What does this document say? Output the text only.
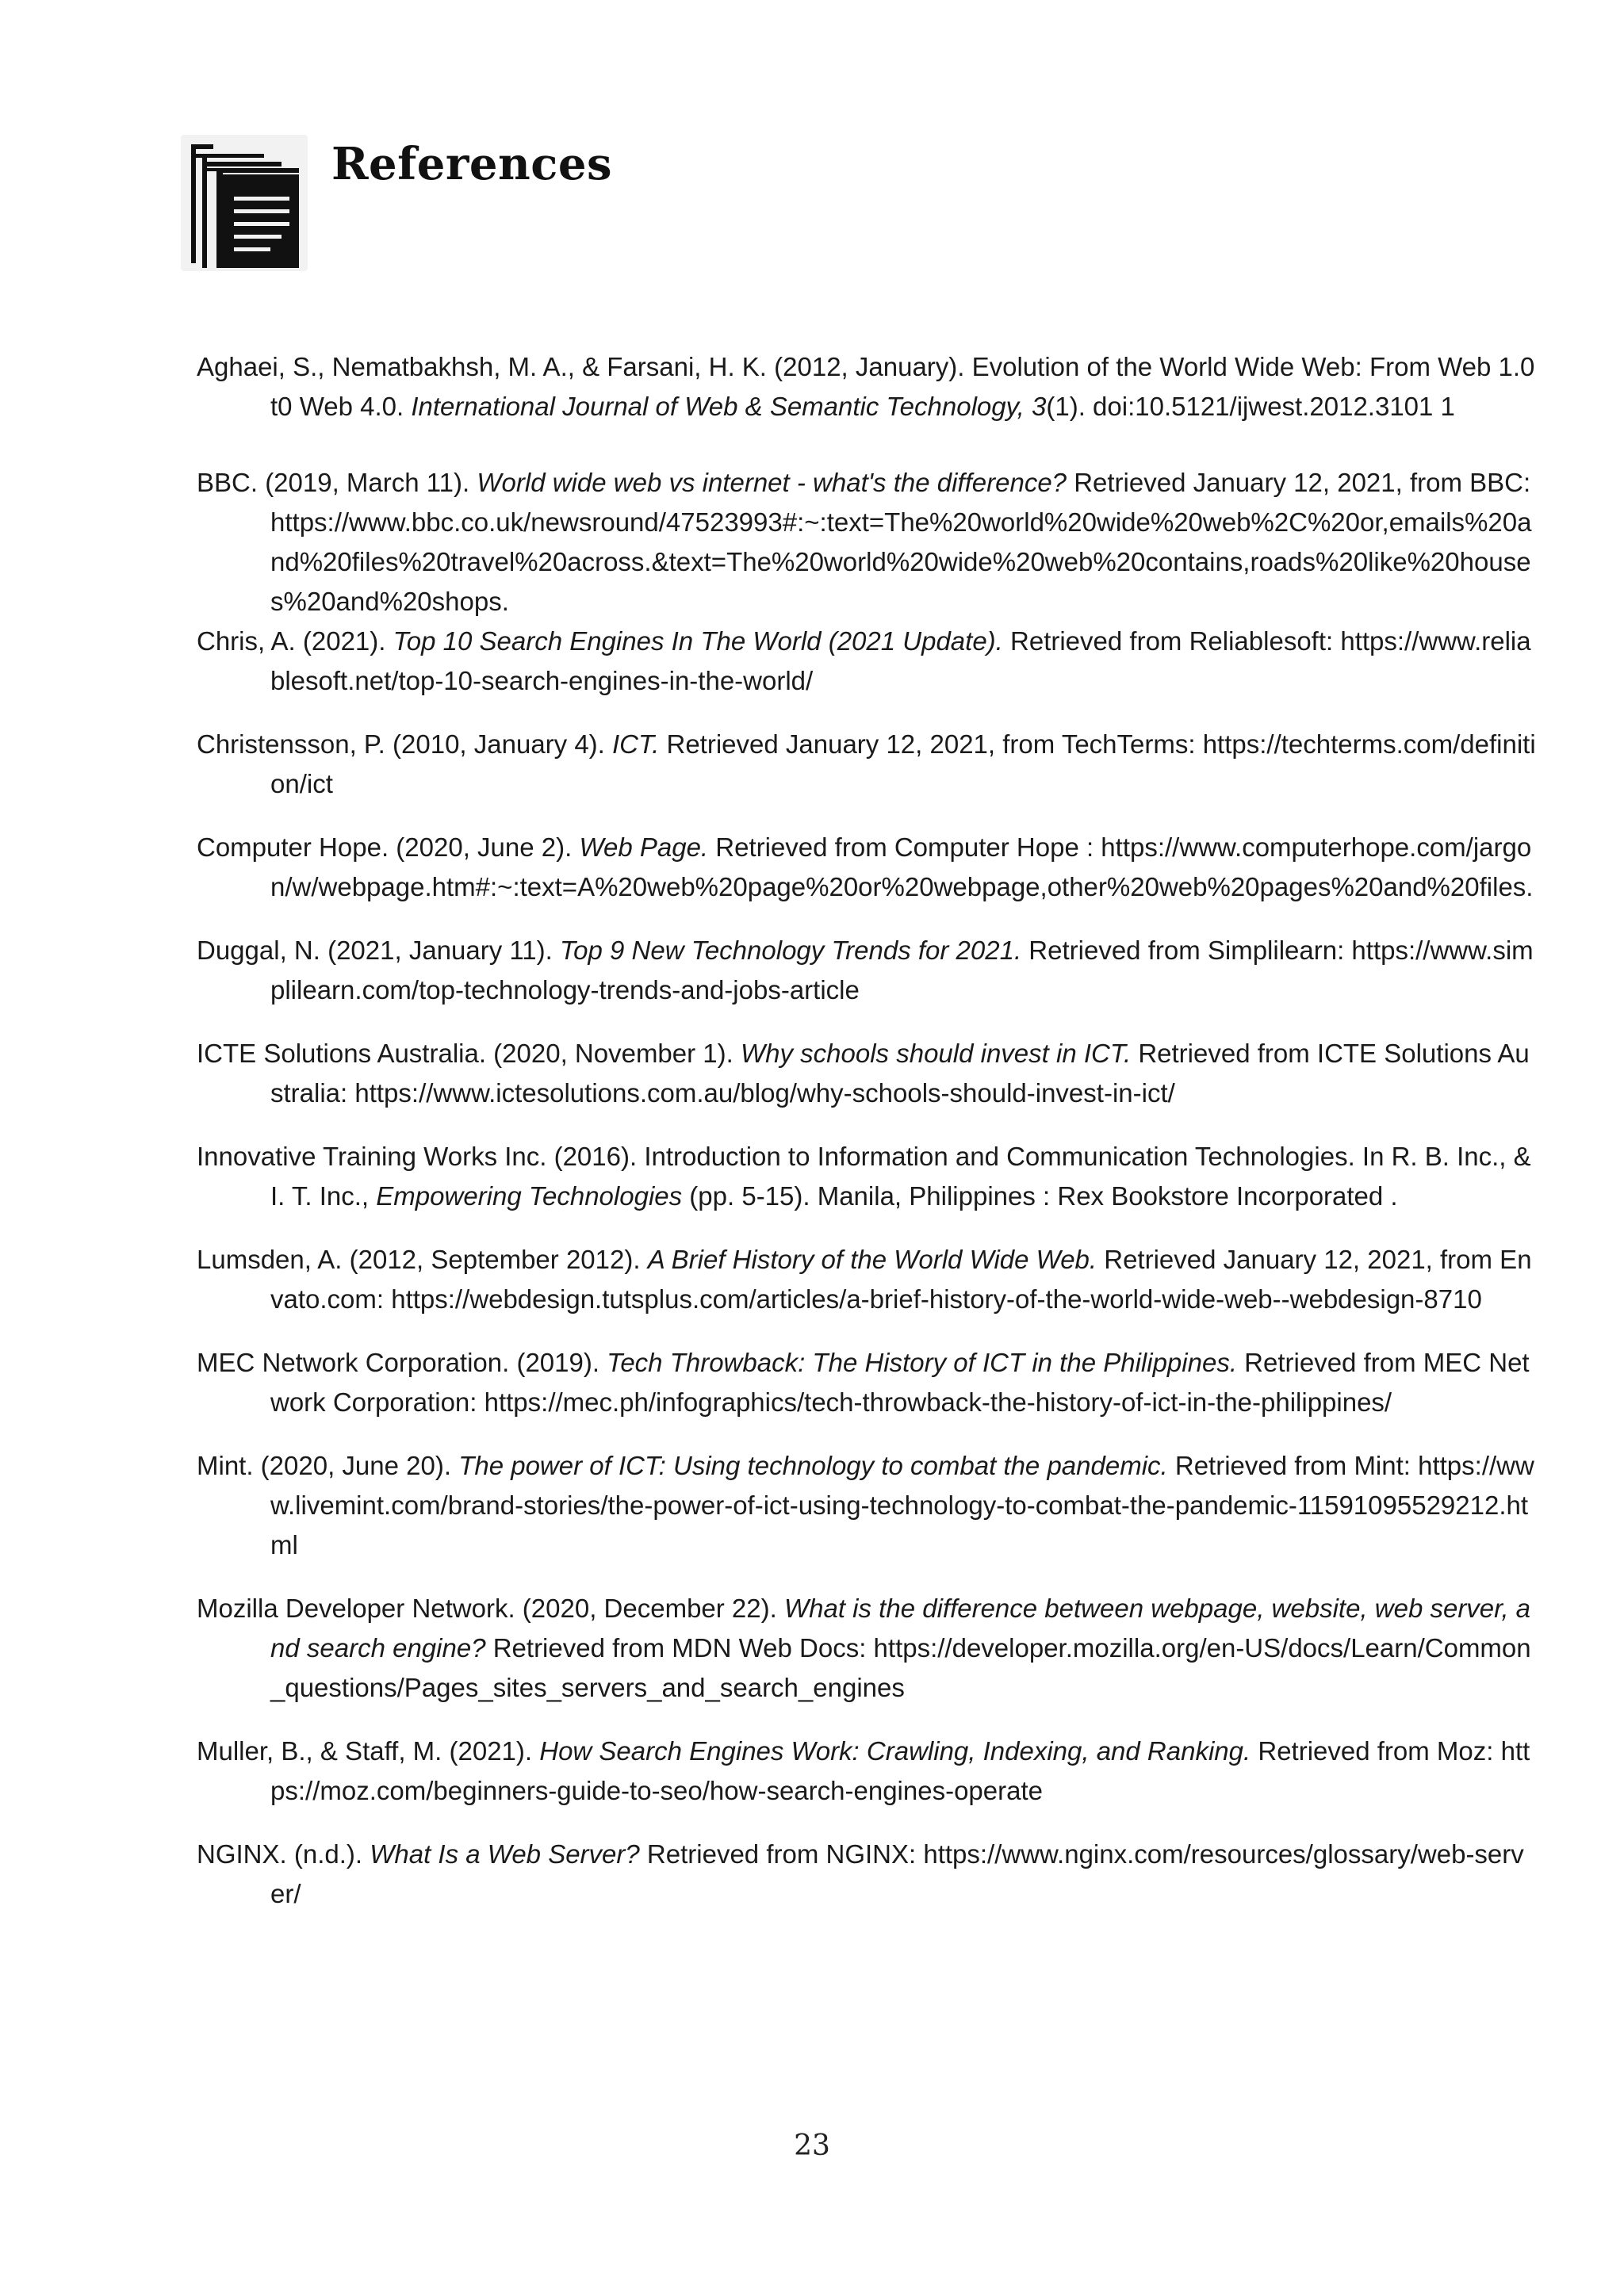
References

Aghaei, S., Nematbakhsh, M. A., & Farsani, H. K. (2012, January). Evolution of the World Wide Web: From Web 1.0 t0 Web 4.0. International Journal of Web & Semantic Technology, 3(1). doi:10.5121/ijwest.2012.3101 1

BBC. (2019, March 11). World wide web vs internet - what's the difference? Retrieved January 12, 2021, from BBC: https://www.bbc.co.uk/newsround/47523993#:~:text=The%20world%20wide%20web%2C%20or,emails%20and%20files%20travel%20across.&text=The%20world%20wide%20web%20contains,roads%20like%20houses%20and%20shops.

Chris, A. (2021). Top 10 Search Engines In The World (2021 Update). Retrieved from Reliablesoft: https://www.reliablesoft.net/top-10-search-engines-in-the-world/

Christensson, P. (2010, January 4). ICT. Retrieved January 12, 2021, from TechTerms: https://techterms.com/definition/ict

Computer Hope. (2020, June 2). Web Page. Retrieved from Computer Hope : https://www.computerhope.com/jargon/w/webpage.htm#:~:text=A%20web%20page%20or%20webpage,other%20web%20pages%20and%20files.

Duggal, N. (2021, January 11). Top 9 New Technology Trends for 2021. Retrieved from Simplilearn: https://www.simplilearn.com/top-technology-trends-and-jobs-article

ICTE Solutions Australia. (2020, November 1). Why schools should invest in ICT. Retrieved from ICTE Solutions Australia: https://www.ictesolutions.com.au/blog/why-schools-should-invest-in-ict/

Innovative Training Works Inc. (2016). Introduction to Information and Communication Technologies. In R. B. Inc., & I. T. Inc., Empowering Technologies (pp. 5-15). Manila, Philippines : Rex Bookstore Incorporated .

Lumsden, A. (2012, September 2012). A Brief History of the World Wide Web. Retrieved January 12, 2021, from Envato.com: https://webdesign.tutsplus.com/articles/a-brief-history-of-the-world-wide-web--webdesign-8710

MEC Network Corporation. (2019). Tech Throwback: The History of ICT in the Philippines. Retrieved from MEC Network Corporation: https://mec.ph/infographics/tech-throwback-the-history-of-ict-in-the-philippines/

Mint. (2020, June 20). The power of ICT: Using technology to combat the pandemic. Retrieved from Mint: https://www.livemint.com/brand-stories/the-power-of-ict-using-technology-to-combat-the-pandemic-11591095529212.html

Mozilla Developer Network. (2020, December 22). What is the difference between webpage, website, web server, and search engine? Retrieved from MDN Web Docs: https://developer.mozilla.org/en-US/docs/Learn/Common_questions/Pages_sites_servers_and_search_engines

Muller, B., & Staff, M. (2021). How Search Engines Work: Crawling, Indexing, and Ranking. Retrieved from Moz: https://moz.com/beginners-guide-to-seo/how-search-engines-operate

NGINX. (n.d.). What Is a Web Server? Retrieved from NGINX: https://www.nginx.com/resources/glossary/web-server/

23
